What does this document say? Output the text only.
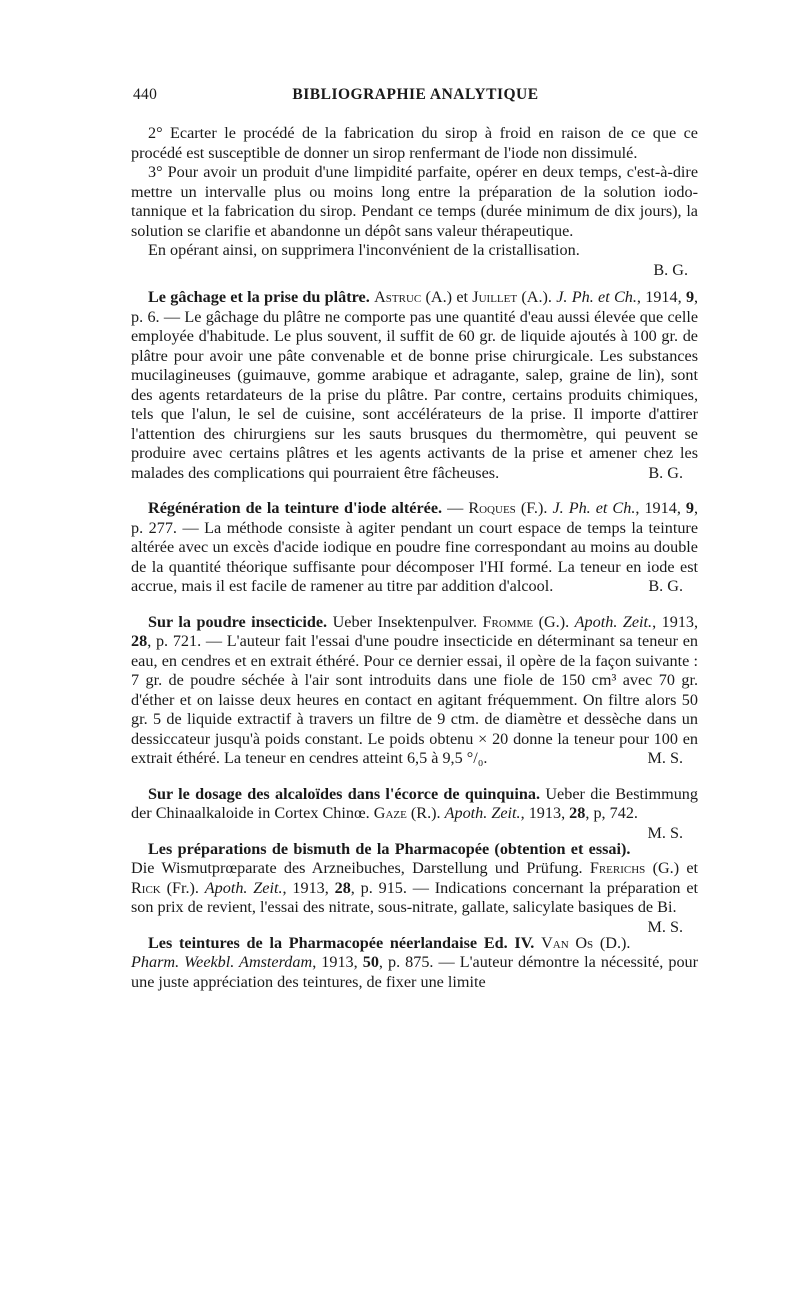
440	BIBLIOGRAPHIE ANALYTIQUE

2° Ecarter le procédé de la fabrication du sirop à froid en raison de ce que ce procédé est susceptible de donner un sirop renfermant de l'iode non dissimulé.

3° Pour avoir un produit d'une limpidité parfaite, opérer en deux temps, c'est-à-dire mettre un intervalle plus ou moins long entre la préparation de la solution iodo-tannique et la fabrication du sirop. Pendant ce temps (durée minimum de dix jours), la solution se clarifie et abandonne un dépôt sans valeur thérapeutique.

En opérant ainsi, on supprimera l'inconvénient de la cristallisation.

B. G.

Le gâchage et la prise du plâtre. Astruc (A.) et Juillet (A.). J. Ph. et Ch., 1914, 9, p. 6. — Le gâchage du plâtre ne comporte pas une quantité d'eau aussi élevée que celle employée d'habitude. Le plus souvent, il suffit de 60 gr. de liquide ajoutés à 100 gr. de plâtre pour avoir une pâte convenable et de bonne prise chirurgicale. Les substances mucilagineuses (guimauve, gomme arabique et adragante, salep, graine de lin), sont des agents retardateurs de la prise du plâtre. Par contre, certains produits chimiques, tels que l'alun, le sel de cuisine, sont accélérateurs de la prise. Il importe d'attirer l'attention des chirurgiens sur les sauts brusques du thermomètre, qui peuvent se produire avec certains plâtres et les agents activants de la prise et amener chez les malades des complications qui pourraient être fâcheuses.	B. G.

Régénération de la teinture d'iode altérée. — Roques (F.). J. Ph. et Ch., 1914, 9, p. 277. — La méthode consiste à agiter pendant un court espace de temps la teinture altérée avec un excès d'acide iodique en poudre fine correspondant au moins au double de la quantité théorique suffisante pour décomposer l'HI formé. La teneur en iode est accrue, mais il est facile de ramener au titre par addition d'alcool.	B. G.

Sur la poudre insecticide. Ueber Insektenpulver. Fromme (G.). Apoth. Zeit., 1913, 28, p. 721. — L'auteur fait l'essai d'une poudre insecticide en déterminant sa teneur en eau, en cendres et en extrait éthéré. Pour ce dernier essai, il opère de la façon suivante : 7 gr. de poudre séchée à l'air sont introduits dans une fiole de 150 cm³ avec 70 gr. d'éther et on laisse deux heures en contact en agitant fréquemment. On filtre alors 50 gr. 5 de liquide extractif à travers un filtre de 9 ctm. de diamètre et dessèche dans un dessiccateur jusqu'à poids constant. Le poids obtenu × 20 donne la teneur pour 100 en extrait éthéré. La teneur en cendres atteint 6,5 à 9,5 °/₀.	M. S.

Sur le dosage des alcaloïdes dans l'écorce de quinquina. Ueber die Bestimmung der Chinaalkaloide in Cortex Chinœ. Gaze (R.). Apoth. Zeit., 1913, 28, p, 742.
M. S.

Les préparations de bismuth de la Pharmacopée (obtention et essai). Die Wismutprœparate des Arzneibuches, Darstellung und Prüfung. Frerichs (G.) et Rick (Fr.). Apoth. Zeit., 1913, 28, p. 915. — Indications concernant la préparation et son prix de revient, l'essai des nitrate, sous-nitrate, gallate, salicylate basiques de Bi.
M. S.

Les teintures de la Pharmacopée néerlandaise Ed. IV. Van Os (D.). Pharm. Weekbl. Amsterdam, 1913, 50, p. 875. — L'auteur démontre la nécessité, pour une juste appréciation des teintures, de fixer une limite
